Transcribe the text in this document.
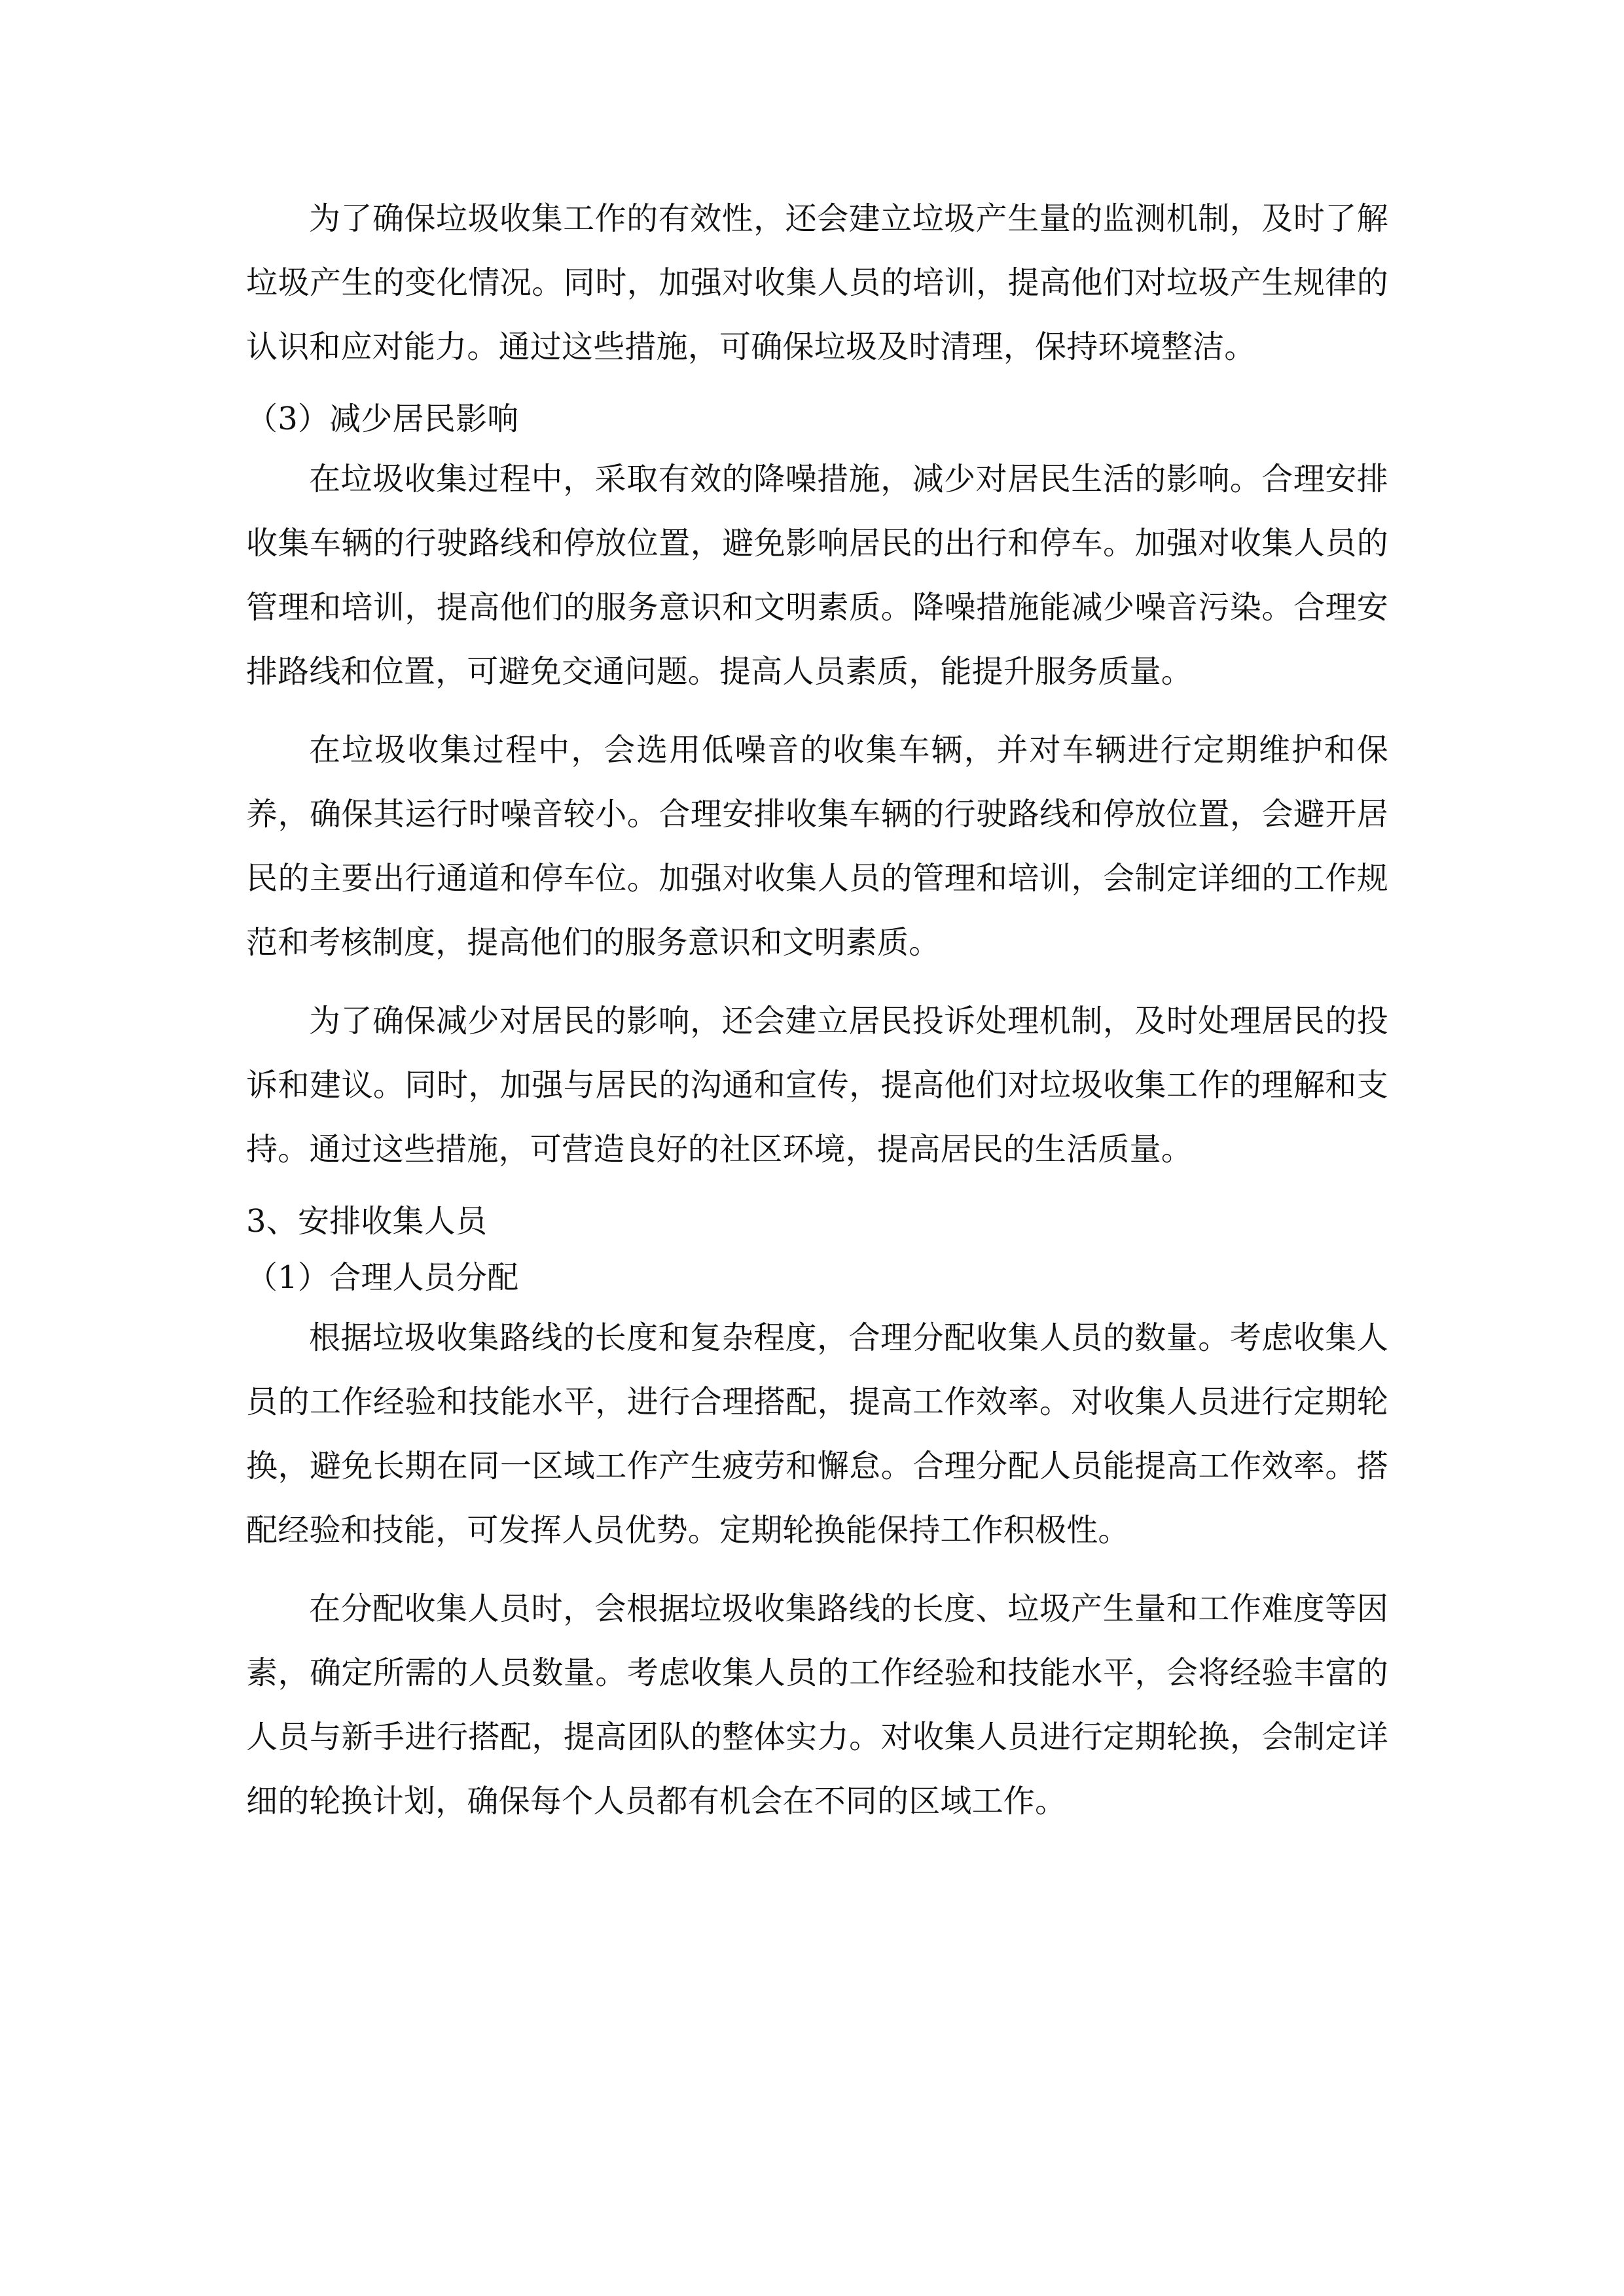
为了确保垃圾收集工作的有效性，还会建立垃圾产生量的监测机制，及时了解垃圾产生的变化情况。同时，加强对收集人员的培训，提高他们对垃圾产生规律的认识和应对能力。通过这些措施，可确保垃圾及时清理，保持环境整洁。

（3）减少居民影响

在垃圾收集过程中，采取有效的降噪措施，减少对居民生活的影响。合理安排收集车辆的行驶路线和停放位置，避免影响居民的出行和停车。加强对收集人员的管理和培训，提高他们的服务意识和文明素质。降噪措施能减少噪音污染。合理安排路线和位置，可避免交通问题。提高人员素质，能提升服务质量。

在垃圾收集过程中，会选用低噪音的收集车辆，并对车辆进行定期维护和保养，确保其运行时噪音较小。合理安排收集车辆的行驶路线和停放位置，会避开居民的主要出行通道和停车位。加强对收集人员的管理和培训，会制定详细的工作规范和考核制度，提高他们的服务意识和文明素质。

为了确保减少对居民的影响，还会建立居民投诉处理机制，及时处理居民的投诉和建议。同时，加强与居民的沟通和宣传，提高他们对垃圾收集工作的理解和支持。通过这些措施，可营造良好的社区环境，提高居民的生活质量。

3、安排收集人员

（1）合理人员分配

根据垃圾收集路线的长度和复杂程度，合理分配收集人员的数量。考虑收集人员的工作经验和技能水平，进行合理搭配，提高工作效率。对收集人员进行定期轮换，避免长期在同一区域工作产生疲劳和懈怠。合理分配人员能提高工作效率。搭配经验和技能，可发挥人员优势。定期轮换能保持工作积极性。

在分配收集人员时，会根据垃圾收集路线的长度、垃圾产生量和工作难度等因素，确定所需的人员数量。考虑收集人员的工作经验和技能水平，会将经验丰富的人员与新手进行搭配，提高团队的整体实力。对收集人员进行定期轮换，会制定详细的轮换计划，确保每个人员都有机会在不同的区域工作。
